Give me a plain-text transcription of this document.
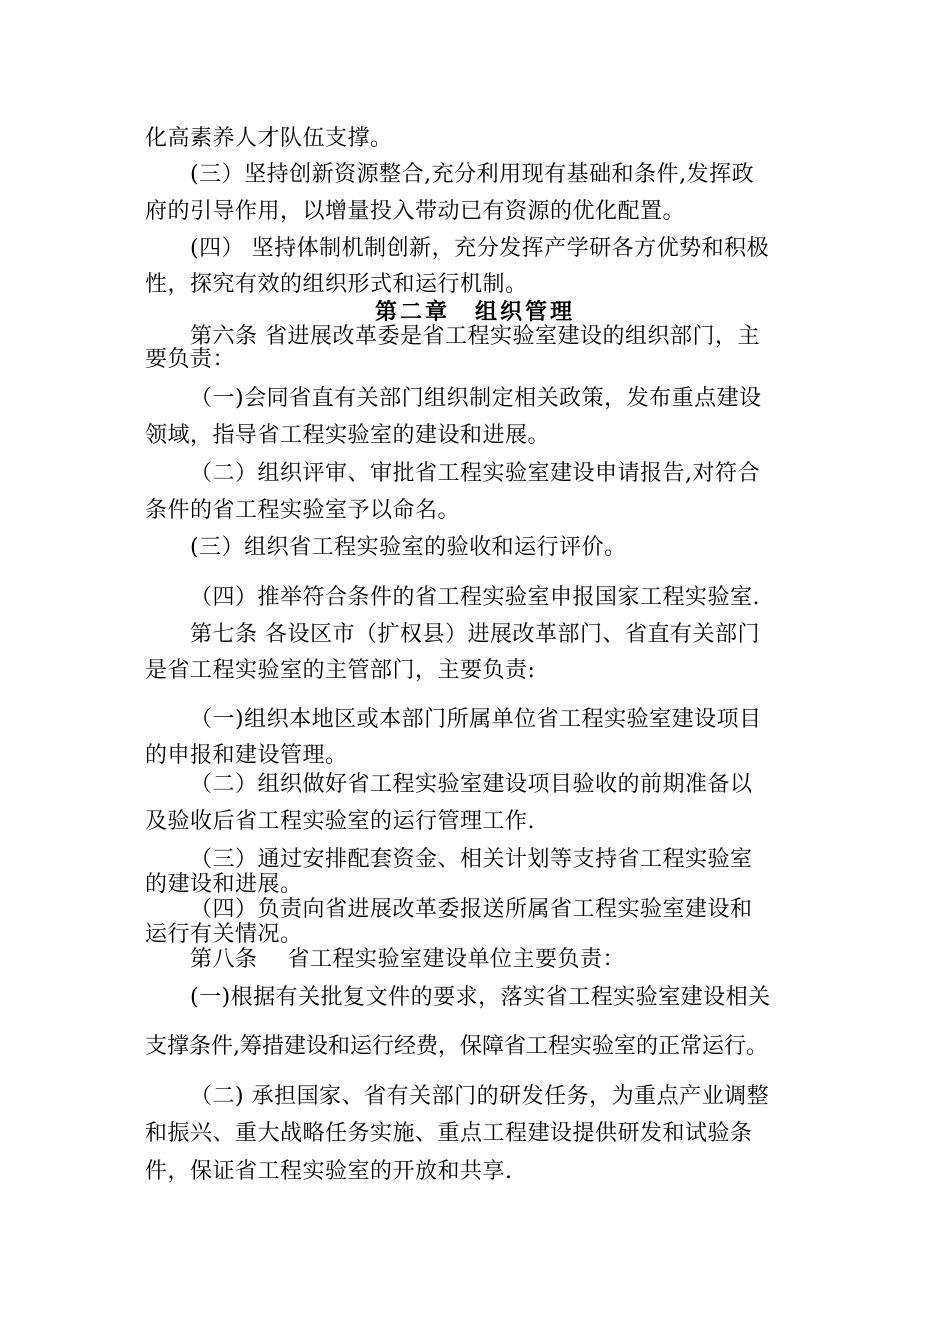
化高素养人才队伍支撑。
(三）坚持创新资源整合,充分利用现有基础和条件,发挥政
府的引导作用，以增量投入带动已有资源的优化配置。
(四） 坚持体制机制创新，充分发挥产学研各方优势和积极
性，探究有效的组织形式和运行机制。
第二章　组织管理
第六条 省进展改革委是省工程实验室建设的组织部门，主
要负责：
（一)会同省直有关部门组织制定相关政策，发布重点建设
领域，指导省工程实验室的建设和进展。
（二）组织评审、审批省工程实验室建设申请报告,对符合
条件的省工程实验室予以命名。
(三）组织省工程实验室的验收和运行评价。
（四）推举符合条件的省工程实验室申报国家工程实验室.
第七条 各设区市（扩权县）进展改革部门、省直有关部门
是省工程实验室的主管部门，主要负责:
（一)组织本地区或本部门所属单位省工程实验室建设项目
的申报和建设管理。
（二）组织做好省工程实验室建设项目验收的前期准备以
及验收后省工程实验室的运行管理工作.
（三）通过安排配套资金、相关计划等支持省工程实验室
的建设和进展。
（四）负责向省进展改革委报送所属省工程实验室建设和
运行有关情况。
第八条　 省工程实验室建设单位主要负责：
(一)根据有关批复文件的要求，落实省工程实验室建设相关
支撑条件,筹措建设和运行经费，保障省工程实验室的正常运行。
（二) 承担国家、省有关部门的研发任务，为重点产业调整
和振兴、重大战略任务实施、重点工程建设提供研发和试验条
件，保证省工程实验室的开放和共享.
